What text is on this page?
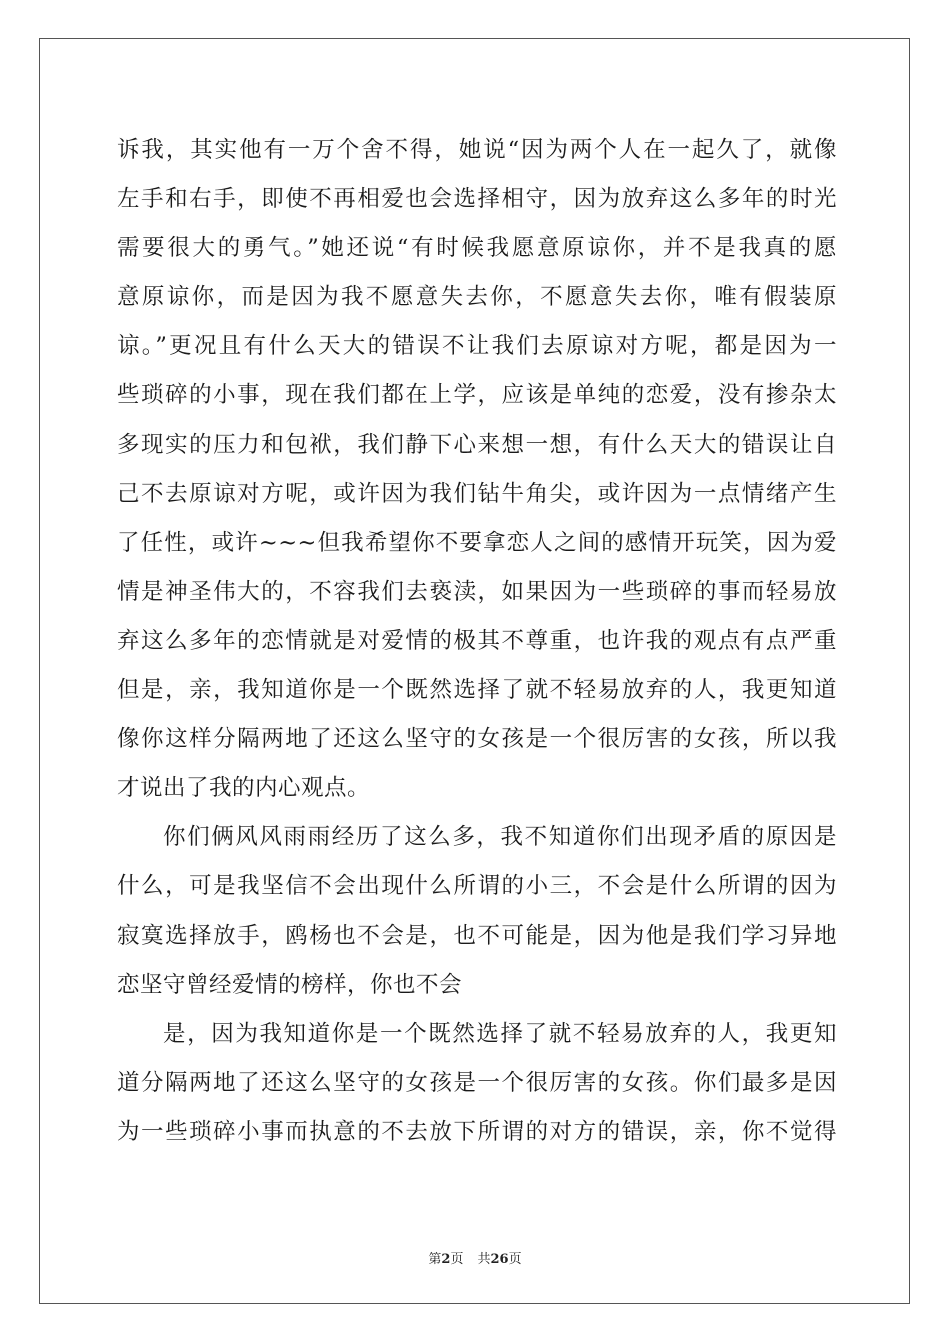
诉我，其实他有一万个舍不得，她说“因为两个人在一起久了，就像
左手和右手，即使不再相爱也会选择相守，因为放弃这么多年的时光
需要很大的勇气。”她还说“有时候我愿意原谅你，并不是我真的愿
意原谅你，而是因为我不愿意失去你，不愿意失去你，唯有假装原
谅。”更况且有什么天大的错误不让我们去原谅对方呢，都是因为一
些琐碎的小事，现在我们都在上学，应该是单纯的恋爱，没有掺杂太
多现实的压力和包袱，我们静下心来想一想，有什么天大的错误让自
己不去原谅对方呢，或许因为我们钻牛角尖，或许因为一点情绪产生
了任性，或许~~~但我希望你不要拿恋人之间的感情开玩笑，因为爱
情是神圣伟大的，不容我们去亵渎，如果因为一些琐碎的事而轻易放
弃这么多年的恋情就是对爱情的极其不尊重，也许我的观点有点严重
但是，亲，我知道你是一个既然选择了就不轻易放弃的人，我更知道
像你这样分隔两地了还这么坚守的女孩是一个很厉害的女孩，所以我
才说出了我的内心观点。
你们俩风风雨雨经历了这么多，我不知道你们出现矛盾的原因是
什么，可是我坚信不会出现什么所谓的小三，不会是什么所谓的因为
寂寞选择放手，鸥杨也不会是，也不可能是，因为他是我们学习异地
恋坚守曾经爱情的榜样，你也不会
是，因为我知道你是一个既然选择了就不轻易放弃的人，我更知
道分隔两地了还这么坚守的女孩是一个很厉害的女孩。你们最多是因
为一些琐碎小事而执意的不去放下所谓的对方的错误，亲，你不觉得
第2页 共26页
